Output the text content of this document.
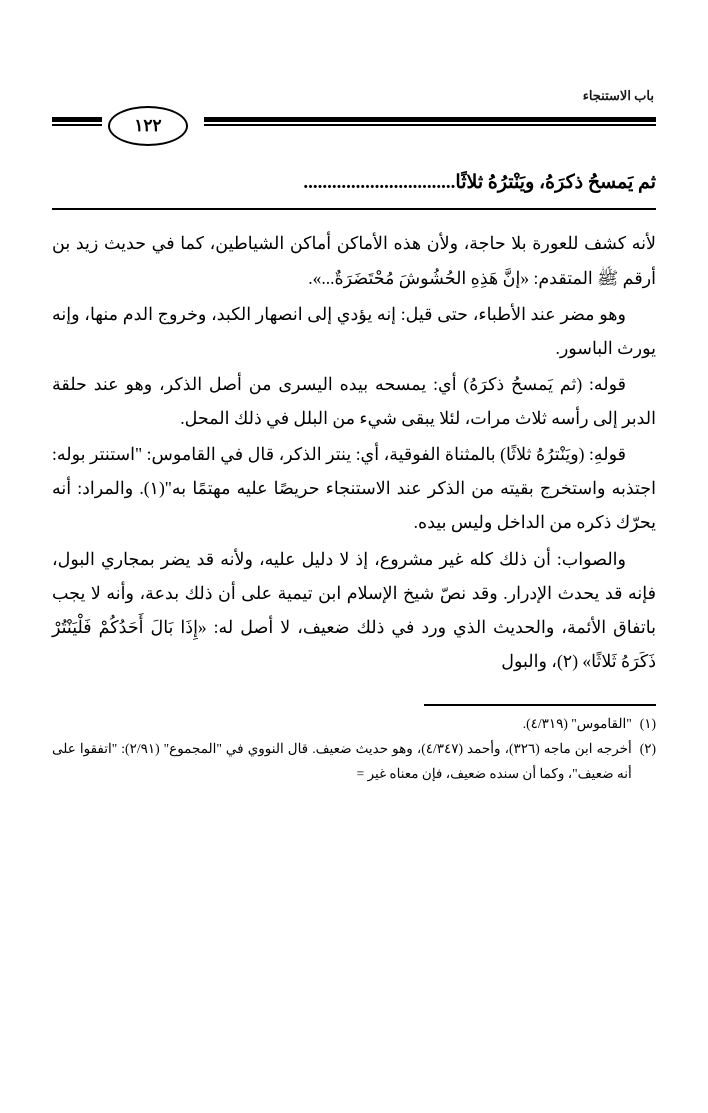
باب الاستنجاء
١٢٢
ثم يَمسحُ ذكرَهُ، ويَنْترُهُ ثلاثًا................................

لأنه كشف للعورة بلا حاجة، ولأن هذه الأماكن أماكن الشياطين، كما في حديث زيد بن أرقم ﷺ المتقدم: «إنَّ هَذِهِ الحُشُوشَ مُحْتَضَرَةٌ...».

وهو مضر عند الأطباء، حتى قيل: إنه يؤدي إلى انصهار الكبد، وخروج الدم منها، وإنه يورث الباسور.

قوله: (ثم يَمسحُ ذكرَهُ) أي: يمسحه بيده اليسرى من أصل الذكر، وهو عند حلقة الدبر إلى رأسه ثلاث مرات، لئلا يبقى شيء من البلل في ذلك المحل.

قولهِ: (ويَنْترُهُ ثلاثًا) بالمثناة الفوقية، أي: ينتر الذكر، قال في القاموس: "استنتر بوله: اجتذبه واستخرج بقيته من الذكر عند الاستنجاء حريصًا عليه مهتمًا به"(١). والمراد: أنه يحرّك ذكره من الداخل وليس بيده.

والصواب: أن ذلك كله غير مشروع، إذ لا دليل عليه، ولأنه قد يضر بمجاري البول، فإنه قد يحدث الإدرار. وقد نصّ شيخ الإسلام ابن تيمية على أن ذلك بدعة، وأنه لا يجب باتفاق الأئمة، والحديث الذي ورد في ذلك ضعيف، لا أصل له: «إِذَا بَالَ أَحَدُكُمْ فَلْيَنْتُرْ ذَكَرَهُ ثَلاثًا» (٢)، والبول

(١)
"القاموس" (٤/٣١٩).

(٢)
أخرجه ابن ماجه (٣٢٦)، وأحمد (٤/٣٤٧)، وهو حديث ضعيف. قال النووي في "المجموع" (٢/٩١): "اتفقوا على أنه ضعيف"، وكما أن سنده ضعيف، فإن معناه غير =
